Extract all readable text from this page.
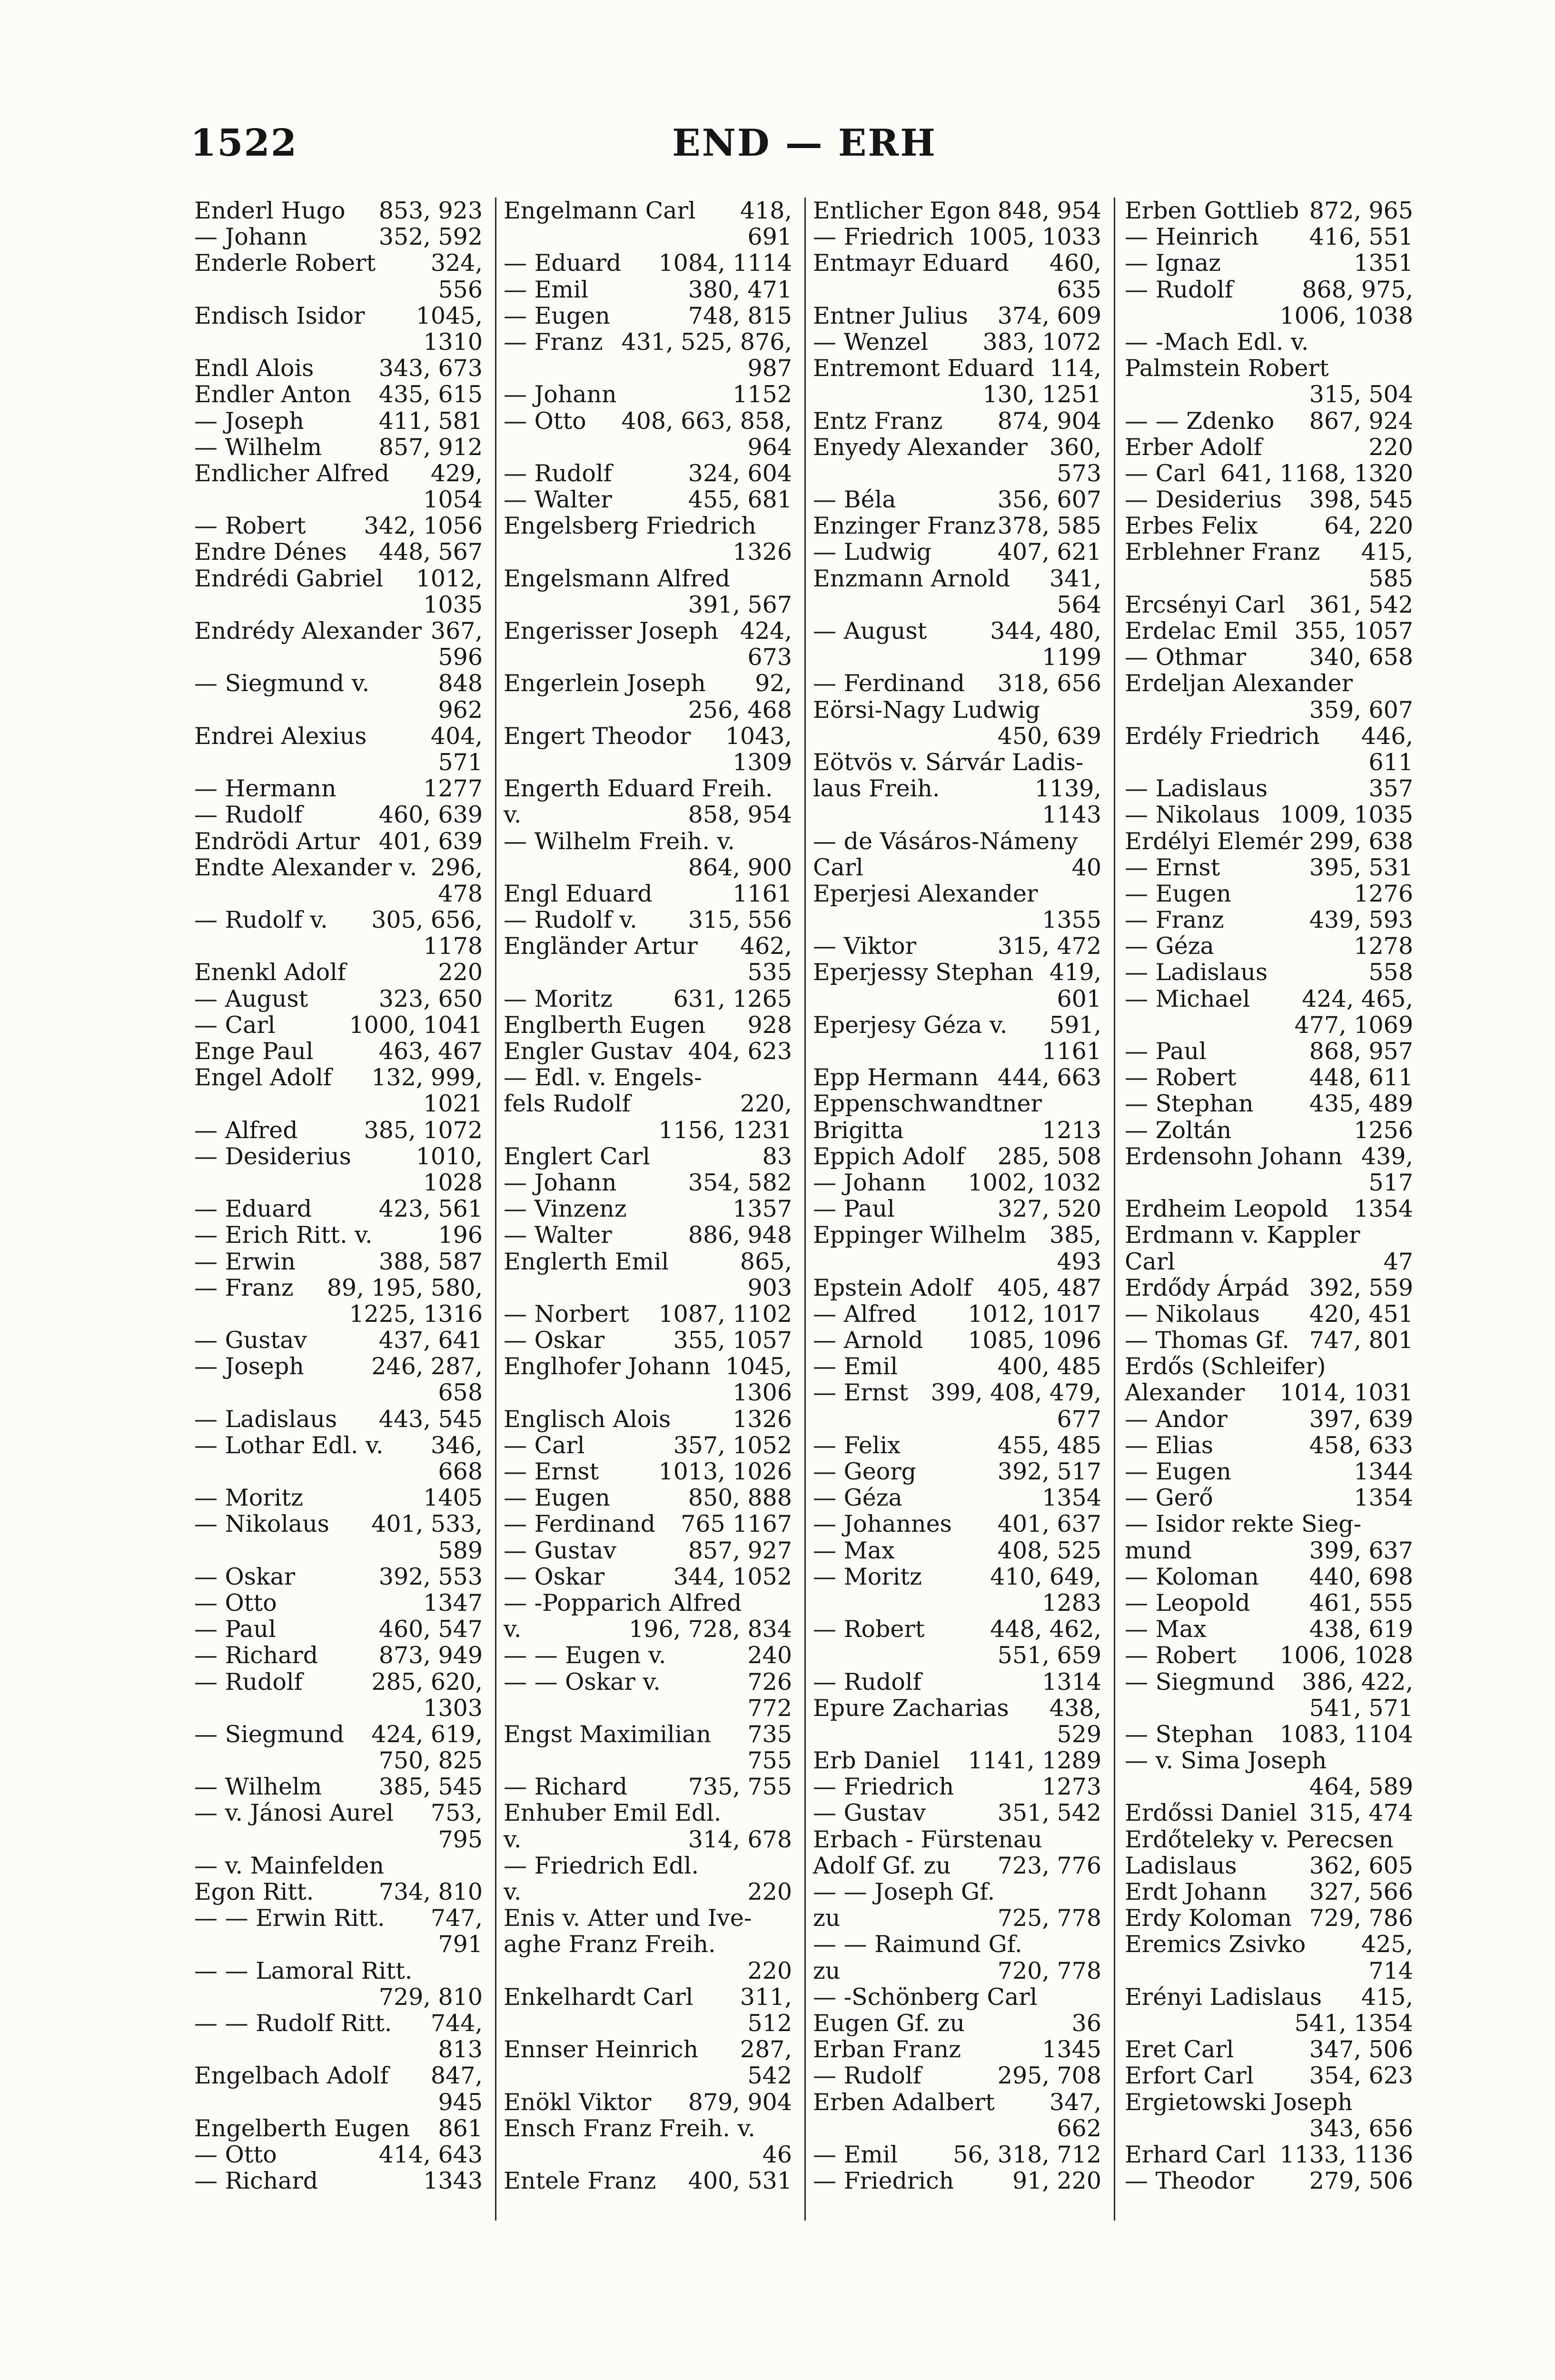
1522	END — ERH
Enderl Hugo 853, 923
— Johann	352, 592
Enderle Robert 324,
556
Endisch Isidor 1045,
1310
Endl Alois	343, 673
Endler Anton 435, 615
— Joseph	411, 581
— Wilhelm 857, 912
Endlicher Alfred 429,
1054
— Robert 342, 1056
Endre Dénes 448, 567
Endrédi Gabriel 1012,
1035
Endrédy Alexander 367,
596
— Siegmund v.	848
962
Endrei Alexius	404,
571
— Hermann	1277
— Rudolf	460, 639
Endrödi Artur 401, 639
Endte Alexander v. 296,
478
— Rudolf v. 305, 656,
1178
Enenkl Adolf	220
— August	323, 650
— Carl	1000, 1041
Enge Paul	463, 467
Engel Adolf 132, 999,
1021
— Alfred	385, 1072
— Desiderius	1010,
1028
— Eduard	423, 561
— Erich Ritt. v.	196
— Erwin	388, 587
— Franz 89, 195, 580,
1225, 1316
— Gustav	437, 641
— Joseph	246, 287,
658
— Ladislaus 443, 545
— Lothar Edl. v. 346,
668
— Moritz	1405
— Nikolaus 401, 533,
589
— Oskar	392, 553
— Otto	1347
— Paul	460, 547
— Richard	873, 949
— Rudolf	285, 620,
1303
— Siegmund 424, 619,
750, 825
— Wilhelm 385, 545
— v. Jánosi Aurel 753,
795
— v. Mainfelden
Egon Ritt.	734, 810
— — Erwin Ritt. 747,
791
— — Lamoral Ritt.
729, 810
— — Rudolf Ritt. 744,
813
Engelbach Adolf 847,
945
Engelberth Eugen 861
— Otto	414, 643
— Richard	1343
Engelmann Carl 418,
691
— Eduard 1084, 1114
— Emil	380, 471
— Eugen	748, 815
— Franz 431, 525, 876,
987
— Johann	1152
— Otto 408, 663, 858,
964
— Rudolf	324, 604
— Walter	455, 681
Engelsberg Friedrich
1326
Engelsmann Alfred
391, 567
Engerisser Joseph 424,
673
Engerlein Joseph 92,
256, 468
Engert Theodor 1043,
1309
Engerth Eduard Freih.
v.	858, 954
— Wilhelm Freih. v.
864, 900
Engl Eduard	1161
— Rudolf v. 315, 556
Engländer Artur 462,
535
— Moritz	631, 1265
Englberth Eugen 928
Engler Gustav 404, 623
— Edl. v. Engels-
fels Rudolf	220,
1156, 1231
Englert Carl	83
— Johann	354, 582
— Vinzenz	1357
— Walter	886, 948
Englerth Emil	865,
903
— Norbert 1087, 1102
— Oskar	355, 1057
Englhofer Johann 1045,
1306
Englisch Alois	1326
— Carl	357, 1052
— Ernst	1013, 1026
— Eugen	850, 888
— Ferdinand 765 1167
— Gustav	857, 927
— Oskar	344, 1052
— -Popparich Alfred
v.	196, 728, 834
— — Eugen v.	240
— — Oskar v.	726
772
Engst Maximilian 735
755
— Richard	735, 755
Enhuber Emil Edl.
v.	314, 678
— Friedrich Edl.
v.	220
Enis v. Atter und Ive-
aghe Franz Freih.
220
Enkelhardt Carl 311,
512
Ennser Heinrich 287,
542
Enökl Viktor 879, 904
Ensch Franz Freih. v.
46
Entele Franz 400, 531
Entlicher Egon 848, 954
— Friedrich 1005, 1033
Entmayr Eduard 460,
635
Entner Julius 374, 609
— Wenzel 383, 1072
Entremont Eduard 114,
130, 1251
Entz Franz 874, 904
Enyedy Alexander 360,
573
— Béla	356, 607
Enzinger Franz 378, 585
— Ludwig	407, 621
Enzmann Arnold 341,
564
— August	344, 480,
1199
— Ferdinand 318, 656
Eörsi-Nagy Ludwig
450, 639
Eötvös v. Sárvár Ladis-
laus Freih.	1139,
1143
— de Vásáros-Námeny
Carl	40
Eperjesi Alexander
1355
— Viktor	315, 472
Eperjessy Stephan 419,
601
Eperjesy Géza v. 591,
1161
Epp Hermann 444, 663
Eppenschwandtner
Brigitta	1213
Eppich Adolf 285, 508
— Johann 1002, 1032
— Paul	327, 520
Eppinger Wilhelm 385,
493
Epstein Adolf 405, 487
— Alfred 1012, 1017
— Arnold 1085, 1096
— Emil	400, 485
— Ernst 399, 408, 479,
677
— Felix	455, 485
— Georg	392, 517
— Géza	1354
— Johannes 401, 637
— Max	408, 525
— Moritz	410, 649,
1283
— Robert	448, 462,
551, 659
— Rudolf	1314
Epure Zacharias 438,
529
Erb Daniel 1141, 1289
— Friedrich	1273
— Gustav	351, 542
Erbach - Fürstenau
Adolf Gf. zu 723, 776
— — Joseph Gf.
zu	725, 778
— — Raimund Gf.
zu	720, 778
— -Schönberg Carl
Eugen Gf. zu	36
Erban Franz	1345
— Rudolf	295, 708
Erben Adalbert 347,
662
— Emil 56, 318, 712
— Friedrich	91, 220
Erben Gottlieb 872, 965
— Heinrich 416, 551
— Ignaz	1351
— Rudolf	868, 975,
1006, 1038
— -Mach Edl. v.
Palmstein Robert
315, 504
— — Zdenko 867, 924
Erber Adolf	220
— Carl 641, 1168, 1320
— Desiderius 398, 545
Erbes Felix	64, 220
Erblehner Franz 415,
585
Ercsényi Carl 361, 542
Erdelac Emil 355, 1057
— Othmar	340, 658
Erdeljan Alexander
359, 607
Erdély Friedrich 446,
611
— Ladislaus	357
— Nikolaus 1009, 1035
Erdélyi Elemér 299, 638
— Ernst	395, 531
— Eugen	1276
— Franz	439, 593
— Géza	1278
— Ladislaus	558
— Michael 424, 465,
477, 1069
— Paul	868, 957
— Robert	448, 611
— Stephan 435, 489
— Zoltán	1256
Erdensohn Johann 439,
517
Erdheim Leopold 1354
Erdmann v. Kappler
Carl	47
Erdődy Árpád 392, 559
— Nikolaus 420, 451
— Thomas Gf. 747, 801
Erdős (Schleifer)
Alexander 1014, 1031
— Andor	397, 639
— Elias	458, 633
— Eugen	1344
— Gerő	1354
— Isidor rekte Sieg-
mund	399, 637
— Koloman 440, 698
— Leopold	461, 555
— Max	438, 619
— Robert 1006, 1028
— Siegmund 386, 422,
541, 571
— Stephan 1083, 1104
— v. Sima Joseph
464, 589
Erdőssi Daniel 315, 474
Erdőteleky v. Perecsen
Ladislaus	362, 605
Erdt Johann 327, 566
Erdy Koloman 729, 786
Eremics Zsivko 425,
714
Erényi Ladislaus 415,
541, 1354
Eret Carl	347, 506
Erfort Carl 354, 623
Ergietowski Joseph
343, 656
Erhard Carl 1133, 1136
— Theodor 279, 506
